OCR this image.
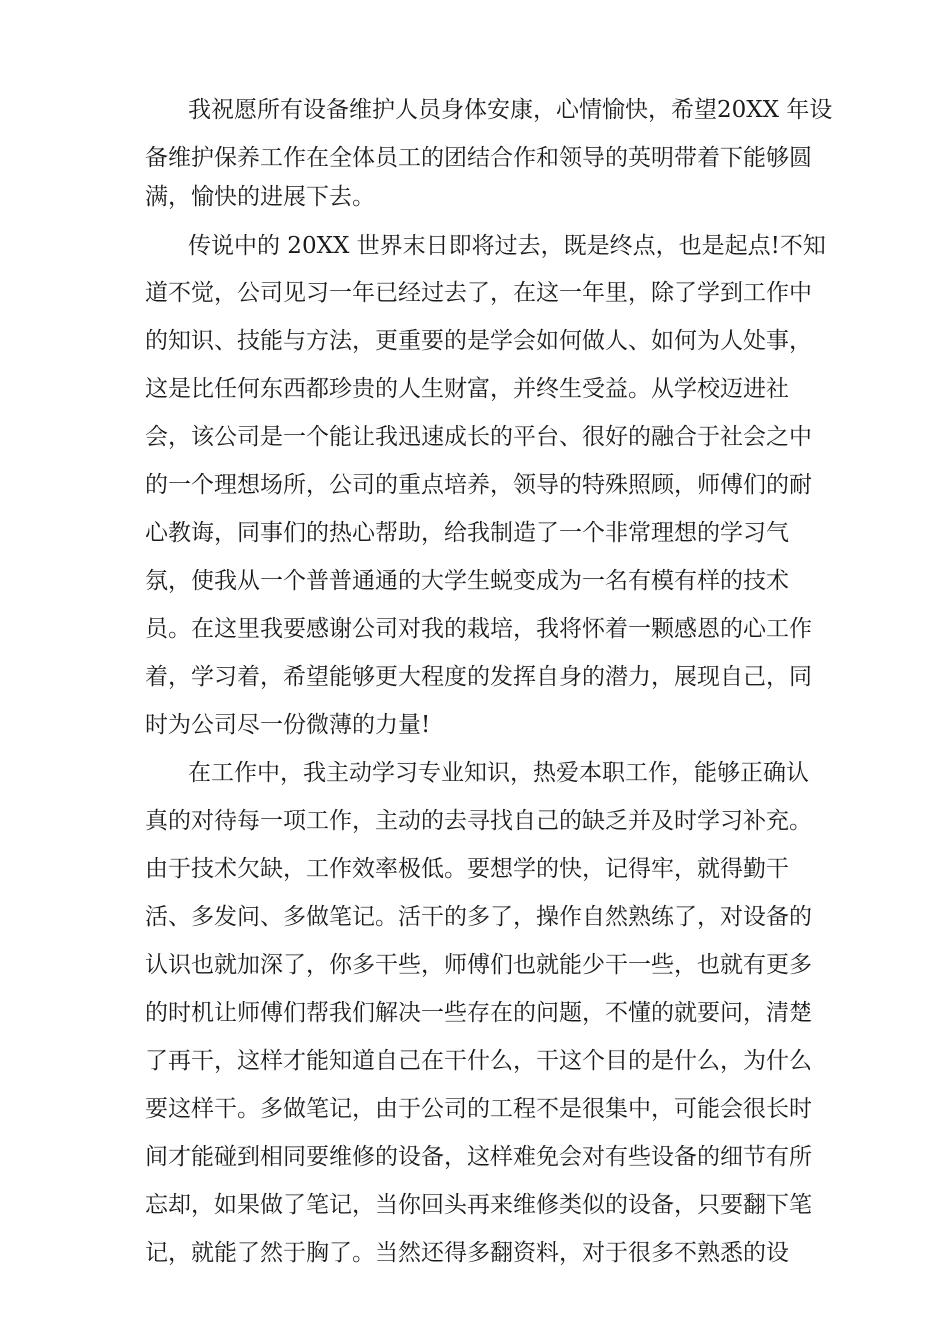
我祝愿所有设备维护人员身体安康，心情愉快，希望20XX 年设
备维护保养工作在全体员工的团结合作和领导的英明带着下能够圆
满，愉快的进展下去。
传说中的 20XX 世界末日即将过去，既是终点，也是起点!不知
道不觉，公司见习一年已经过去了，在这一年里，除了学到工作中
的知识、技能与方法，更重要的是学会如何做人、如何为人处事，
这是比任何东西都珍贵的人生财富，并终生受益。从学校迈进社
会，该公司是一个能让我迅速成长的平台、很好的融合于社会之中
的一个理想场所，公司的重点培养，领导的特殊照顾，师傅们的耐
心教诲，同事们的热心帮助，给我制造了一个非常理想的学习气
氛，使我从一个普普通通的大学生蜕变成为一名有模有样的技术
员。在这里我要感谢公司对我的栽培，我将怀着一颗感恩的心工作
着，学习着，希望能够更大程度的发挥自身的潜力，展现自己，同
时为公司尽一份微薄的力量!
在工作中，我主动学习专业知识，热爱本职工作，能够正确认
真的对待每一项工作，主动的去寻找自己的缺乏并及时学习补充。
由于技术欠缺，工作效率极低。要想学的快，记得牢，就得勤干
活、多发问、多做笔记。活干的多了，操作自然熟练了，对设备的
认识也就加深了，你多干些，师傅们也就能少干一些，也就有更多
的时机让师傅们帮我们解决一些存在的问题，不懂的就要问，清楚
了再干，这样才能知道自己在干什么，干这个目的是什么，为什么
要这样干。多做笔记，由于公司的工程不是很集中，可能会很长时
间才能碰到相同要维修的设备，这样难免会对有些设备的细节有所
忘却，如果做了笔记，当你回头再来维修类似的设备，只要翻下笔
记，就能了然于胸了。当然还得多翻资料，对于很多不熟悉的设
